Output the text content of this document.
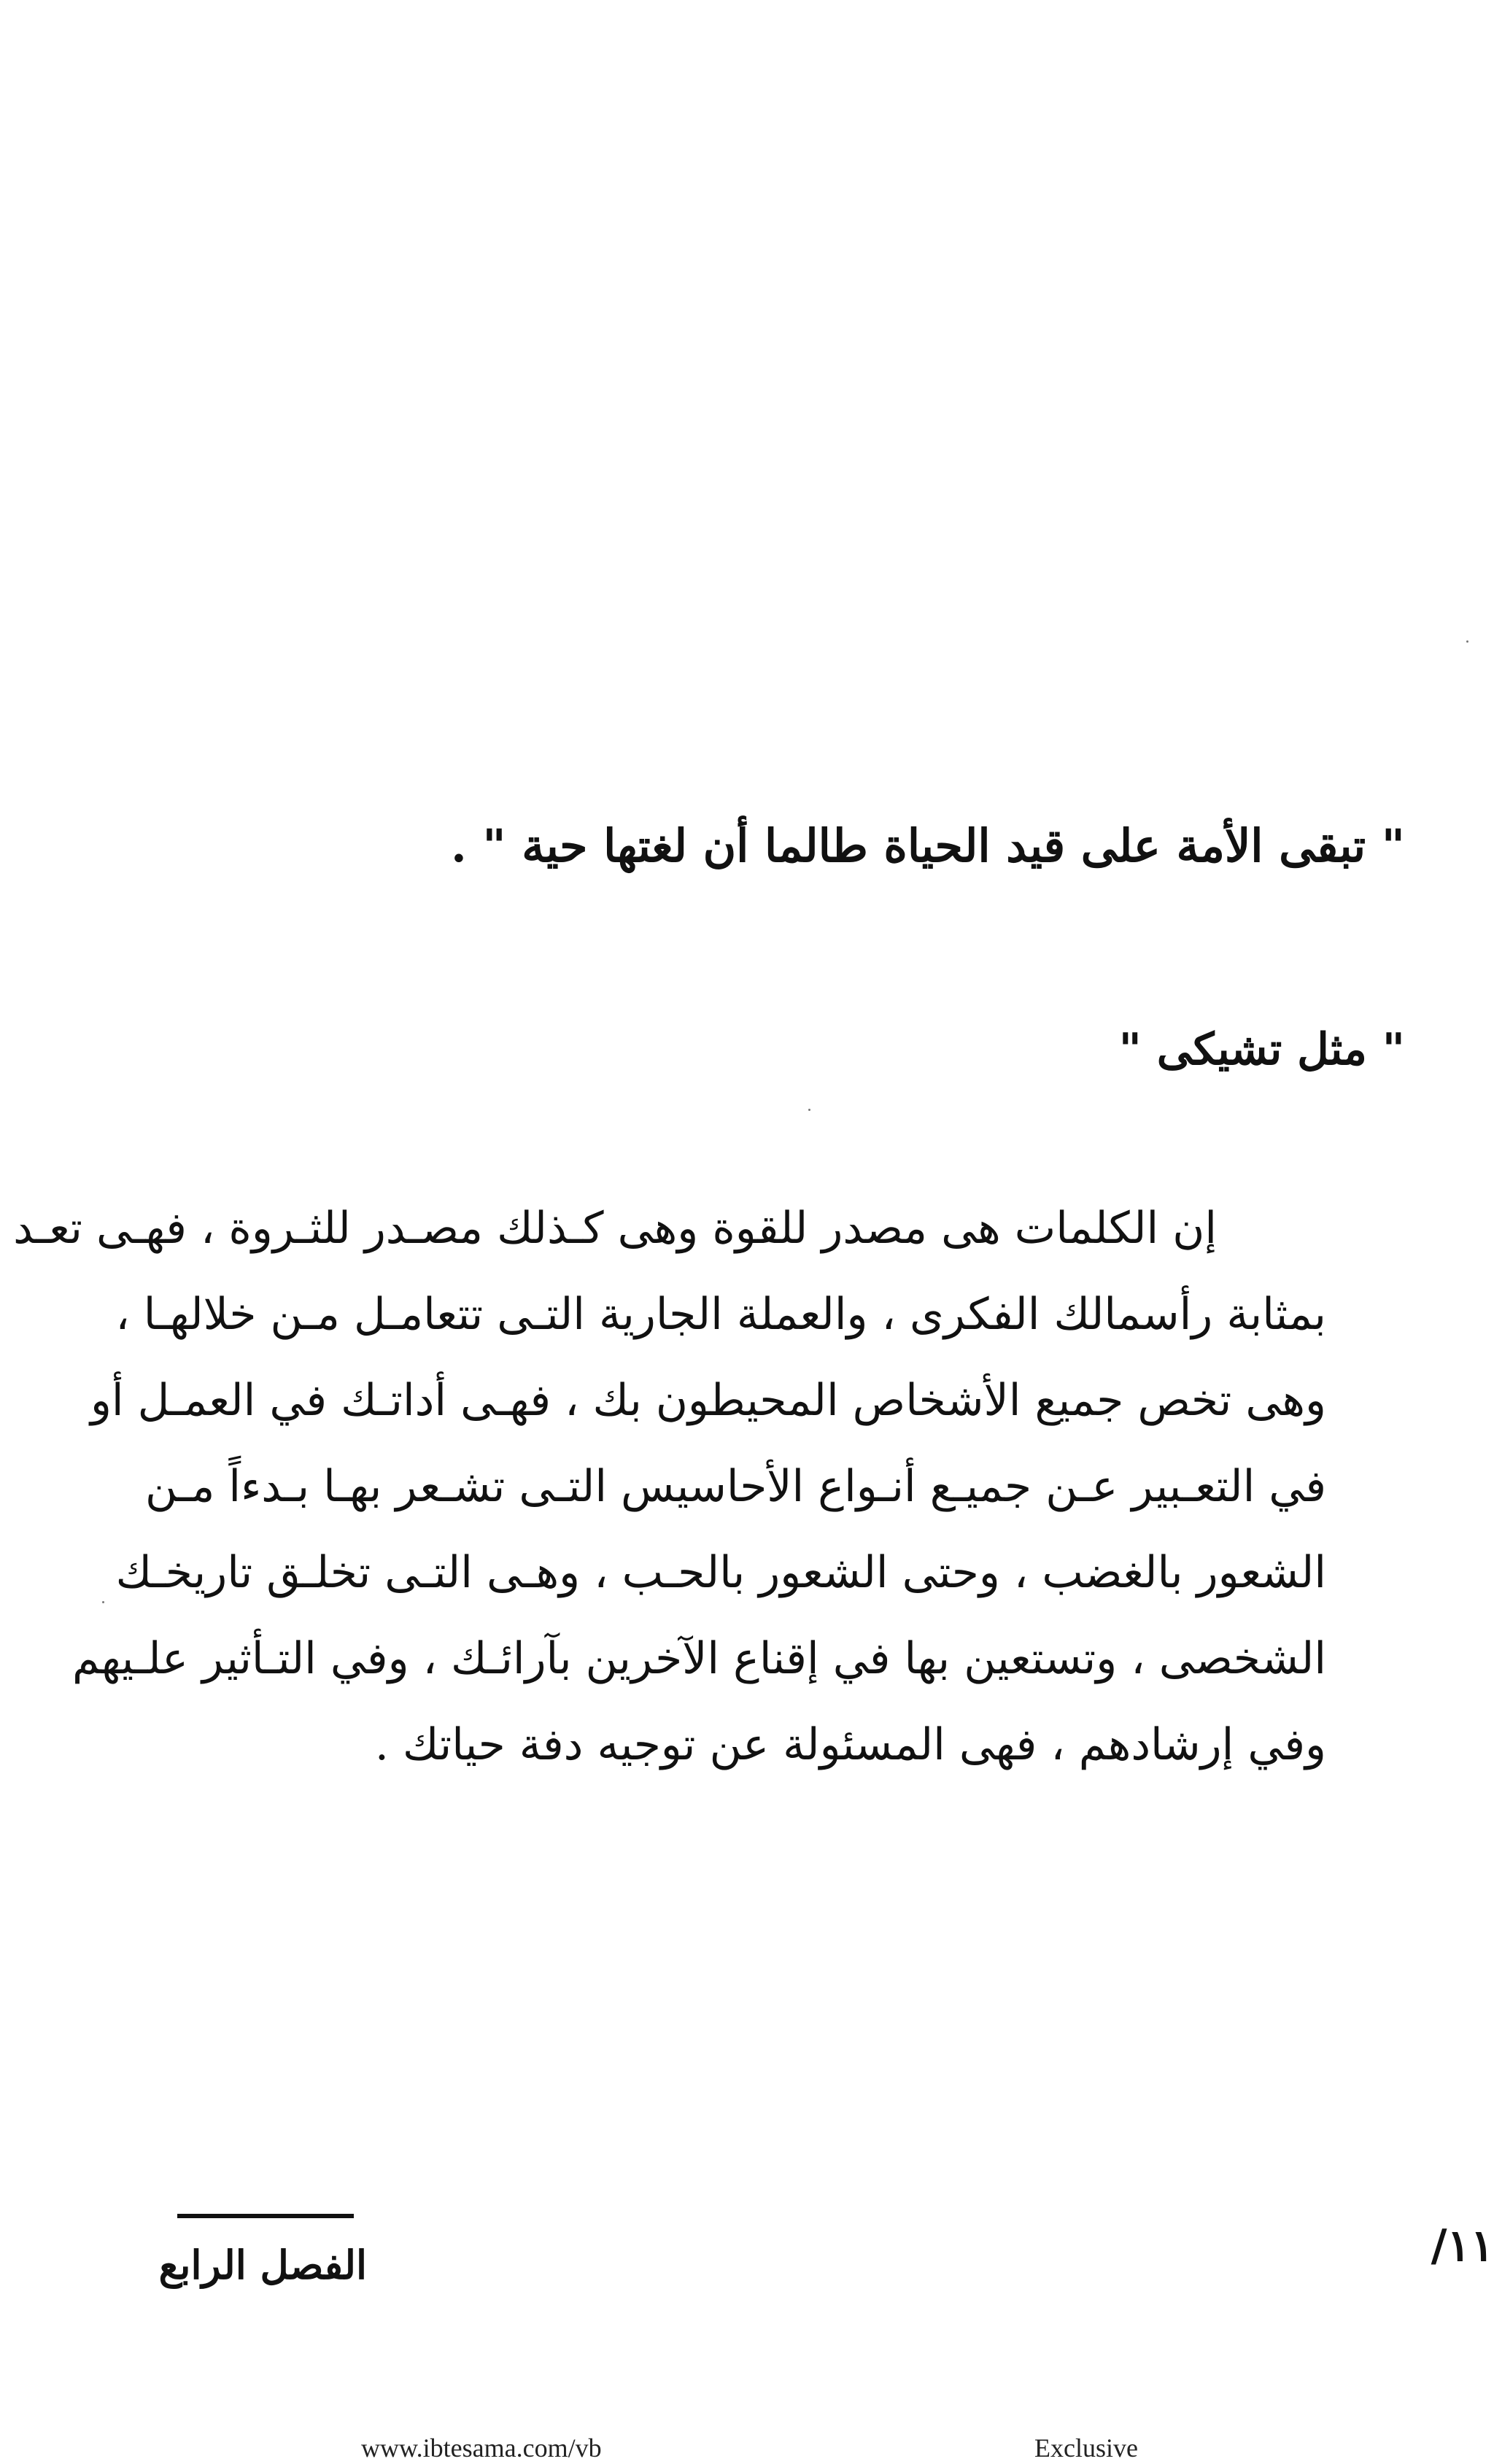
" تبقى الأمة على قيد الحياة طالما أن لغتها حية " .
" مثل تشيكى "
إن الكلمات هى مصدر للقوة وهى كـذلك مصـدر للثـروة ، فهـى تعـد
بمثابة رأسمالك الفكرى ، والعملة الجارية التـى تتعامـل مـن خلالهـا ،
وهى تخص جميع الأشخاص المحيطون بك ، فهـى أداتـك في العمـل أو
في التعـبير عـن جميـع أنـواع الأحاسيس التـى تشـعر بهـا بـدءاً مـن
الشعور بالغضب ، وحتى الشعور بالحـب ، وهـى التـى تخلـق تاريخـك
الشخصى ، وتستعين بها في إقناع الآخرين بآرائـك ، وفي التـأثير علـيهم
وفي إرشادهم ، فهى المسئولة عن توجيه دفة حياتك .
الفصل الرابع	١١/
www.ibtesama.com/vb	Exclusive
